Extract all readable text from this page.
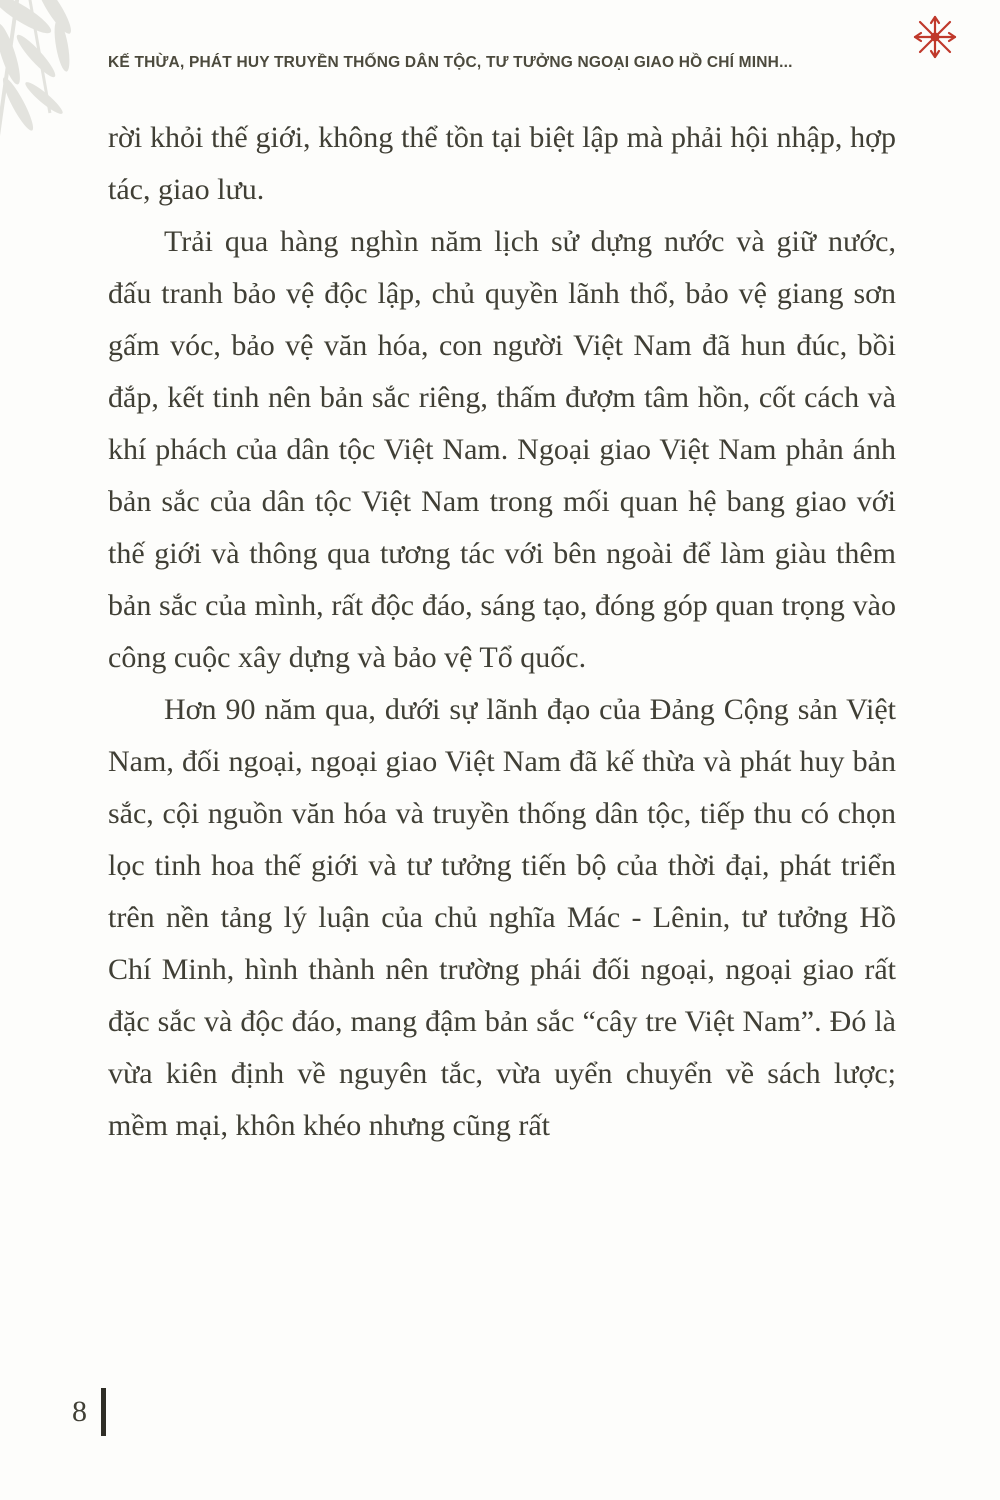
KẾ THỪA, PHÁT HUY TRUYỀN THỐNG DÂN TỘC, TƯ TƯỞNG NGOẠI GIAO HỒ CHÍ MINH...

rời khỏi thế giới, không thể tồn tại biệt lập mà phải hội nhập, hợp tác, giao lưu.

Trải qua hàng nghìn năm lịch sử dựng nước và giữ nước, đấu tranh bảo vệ độc lập, chủ quyền lãnh thổ, bảo vệ giang sơn gấm vóc, bảo vệ văn hóa, con người Việt Nam đã hun đúc, bồi đắp, kết tinh nên bản sắc riêng, thấm đượm tâm hồn, cốt cách và khí phách của dân tộc Việt Nam. Ngoại giao Việt Nam phản ánh bản sắc của dân tộc Việt Nam trong mối quan hệ bang giao với thế giới và thông qua tương tác với bên ngoài để làm giàu thêm bản sắc của mình, rất độc đáo, sáng tạo, đóng góp quan trọng vào công cuộc xây dựng và bảo vệ Tổ quốc.

Hơn 90 năm qua, dưới sự lãnh đạo của Đảng Cộng sản Việt Nam, đối ngoại, ngoại giao Việt Nam đã kế thừa và phát huy bản sắc, cội nguồn văn hóa và truyền thống dân tộc, tiếp thu có chọn lọc tinh hoa thế giới và tư tưởng tiến bộ của thời đại, phát triển trên nền tảng lý luận của chủ nghĩa Mác - Lênin, tư tưởng Hồ Chí Minh, hình thành nên trường phái đối ngoại, ngoại giao rất đặc sắc và độc đáo, mang đậm bản sắc “cây tre Việt Nam”. Đó là vừa kiên định về nguyên tắc, vừa uyển chuyển về sách lược; mềm mại, khôn khéo nhưng cũng rất

8
